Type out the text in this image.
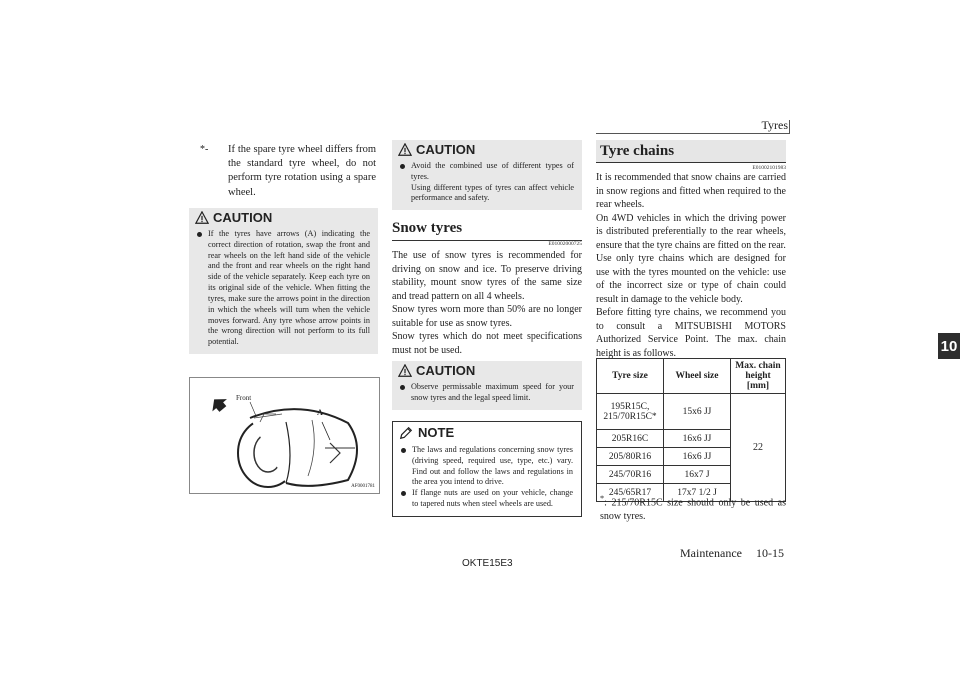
Tyres
10
*-	If the spare tyre wheel differs from the standard tyre wheel, do not perform tyre rotation using a spare wheel.
CAUTION
If the tyres have arrows (A) indicating the correct direction of rotation, swap the front and rear wheels on the left hand side of the vehicle and the front and rear wheels on the right hand side of the vehicle separately. Keep each tyre on its original side of the vehicle. When fitting the tyres, make sure the arrows point in the direction in which the wheels will turn when the vehicle moves forward. Any tyre whose arrow points in the wrong direction will not perform to its full potential.
Front
A
AF0001781
CAUTION
Avoid the combined use of different types of tyres.
Using different types of tyres can affect vehicle performance and safety.
Snow tyres
E01002000725
The use of snow tyres is recommended for driving on snow and ice. To preserve driving stability, mount snow tyres of the same size and tread pattern on all 4 wheels.
Snow tyres worn more than 50% are no longer suitable for use as snow tyres.
Snow tyres which do not meet specifications must not be used.
CAUTION
Observe permissable maximum speed for your snow tyres and the legal speed limit.
NOTE
The laws and regulations concerning snow tyres (driving speed, required use, type, etc.) vary. Find out and follow the laws and regulations in the area you intend to drive.
If flange nuts are used on your vehicle, change to tapered nuts when steel wheels are used.
Tyre chains
E01002101983
It is recommended that snow chains are carried in snow regions and fitted when required to the rear wheels.
On 4WD vehicles in which the driving power is distributed preferentially to the rear wheels, ensure that the tyre chains are fitted on the rear.
Use only tyre chains which are designed for use with the tyres mounted on the vehicle: use of the incorrect size or type of chain could result in damage to the vehicle body.
Before fitting tyre chains, we recommend you to consult a MITSUBISHI MOTORS Authorized Service Point. The max. chain height is as follows.
Tyre size	Wheel size	Max. chain height [mm]
195R15C, 215/70R15C*	15x6 JJ	22
205R16C	16x6 JJ	
205/80R16	16x6 JJ	
245/70R16	16x7 J	
245/65R17	17x7 1/2 J	
*: 215/70R15C size should only be used as snow tyres.
OKTE15E3
Maintenance 10-15
